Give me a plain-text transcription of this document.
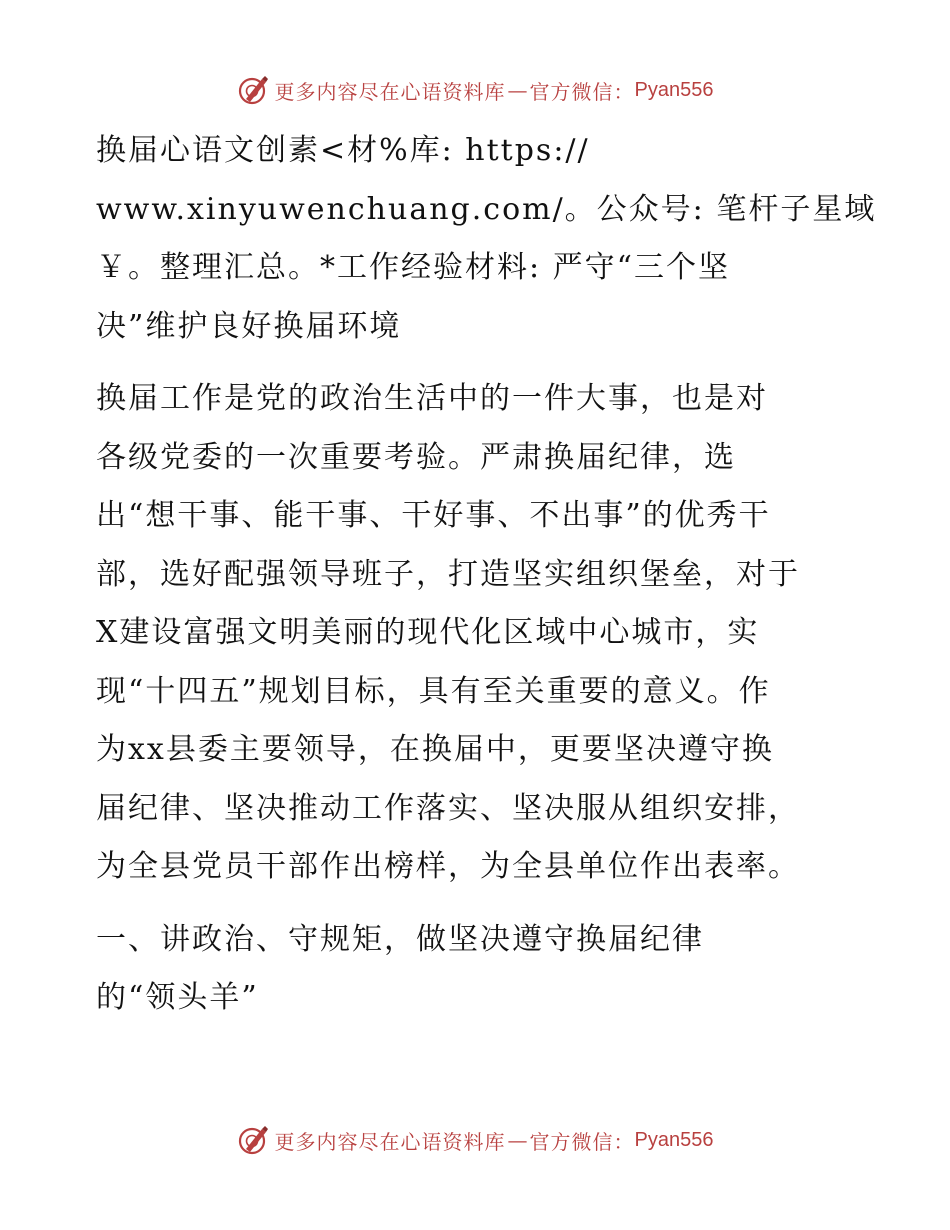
更多内容尽在心语资料库 — 官方微信： Pyan556

换届心语文创素<材%库: https://
www.xinyuwenchuang.com/。公众号: 笔杆子星域
￥。整理汇总。*工作经验材料: 严守“三个坚
决”维护良好换届环境

换届工作是党的政治生活中的一件大事，也是对
各级党委的一次重要考验。严肃换届纪律，选
出“想干事、能干事、干好事、不出事”的优秀干
部，选好配强领导班子，打造坚实组织堡垒，对于
X建设富强文明美丽的现代化区域中心城市，实
现“十四五”规划目标，具有至关重要的意义。作
为xx县委主要领导，在换届中，更要坚决遵守换
届纪律、坚决推动工作落实、坚决服从组织安排，
为全县党员干部作出榜样，为全县单位作出表率。

一、讲政治、守规矩，做坚决遵守换届纪律
的“领头羊”

更多内容尽在心语资料库 — 官方微信： Pyan556
